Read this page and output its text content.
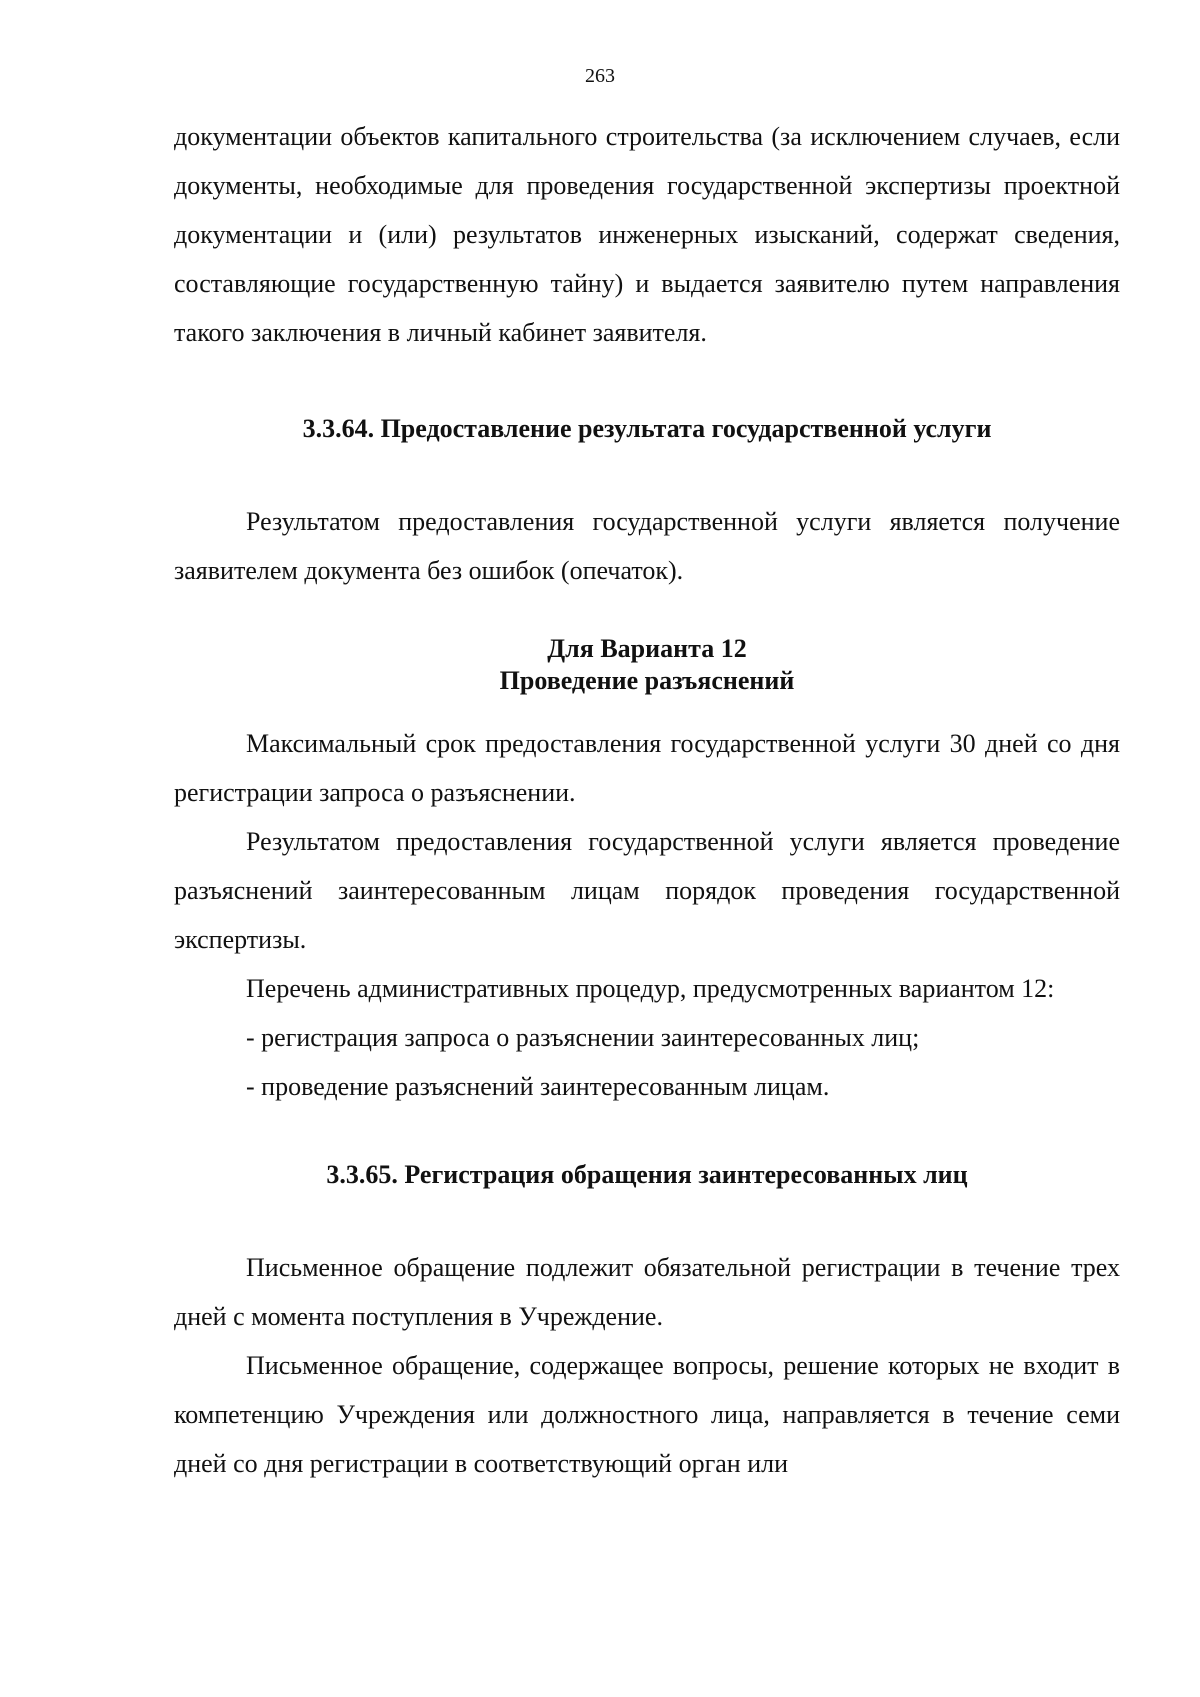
263

документации объектов капитального строительства (за исключением случаев, если документы, необходимые для проведения государственной экспертизы проектной документации и (или) результатов инженерных изысканий, содержат сведения, составляющие государственную тайну) и выдается заявителю путем направления такого заключения в личный кабинет заявителя.

3.3.64. Предоставление результата государственной услуги

Результатом предоставления государственной услуги является получение заявителем документа без ошибок (опечаток).

Для Варианта 12

Проведение разъяснений

Максимальный срок предоставления государственной услуги 30 дней со дня регистрации запроса о разъяснении.

Результатом предоставления государственной услуги является проведение разъяснений заинтересованным лицам порядок проведения государственной экспертизы.

Перечень административных процедур, предусмотренных вариантом 12:

- регистрация запроса о разъяснении заинтересованных лиц;

- проведение разъяснений заинтересованным лицам.

3.3.65. Регистрация обращения заинтересованных лиц

Письменное обращение подлежит обязательной регистрации в течение трех дней с момента поступления в Учреждение.

Письменное обращение, содержащее вопросы, решение которых не входит в компетенцию Учреждения или должностного лица, направляется в течение семи дней со дня регистрации в соответствующий орган или
